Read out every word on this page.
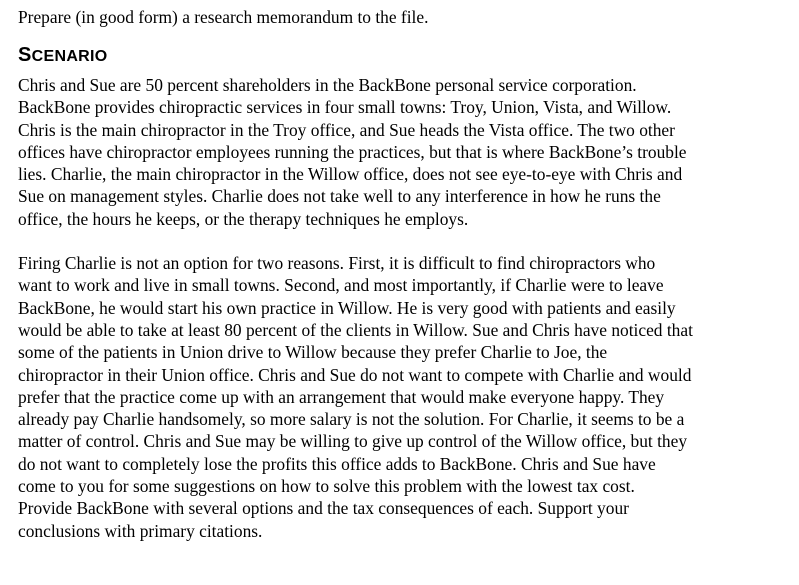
Prepare (in good form) a research memorandum to the file.

SCENARIO

Chris and Sue are 50 percent shareholders in the BackBone personal service corporation.
BackBone provides chiropractic services in four small towns: Troy, Union, Vista, and Willow.
Chris is the main chiropractor in the Troy office, and Sue heads the Vista office. The two other
offices have chiropractor employees running the practices, but that is where BackBone’s trouble
lies. Charlie, the main chiropractor in the Willow office, does not see eye-to-eye with Chris and
Sue on management styles. Charlie does not take well to any interference in how he runs the
office, the hours he keeps, or the therapy techniques he employs.

Firing Charlie is not an option for two reasons. First, it is difficult to find chiropractors who
want to work and live in small towns. Second, and most importantly, if Charlie were to leave
BackBone, he would start his own practice in Willow. He is very good with patients and easily
would be able to take at least 80 percent of the clients in Willow. Sue and Chris have noticed that
some of the patients in Union drive to Willow because they prefer Charlie to Joe, the
chiropractor in their Union office. Chris and Sue do not want to compete with Charlie and would
prefer that the practice come up with an arrangement that would make everyone happy. They
already pay Charlie handsomely, so more salary is not the solution. For Charlie, it seems to be a
matter of control. Chris and Sue may be willing to give up control of the Willow office, but they
do not want to completely lose the profits this office adds to BackBone. Chris and Sue have
come to you for some suggestions on how to solve this problem with the lowest tax cost.
Provide BackBone with several options and the tax consequences of each. Support your
conclusions with primary citations.
